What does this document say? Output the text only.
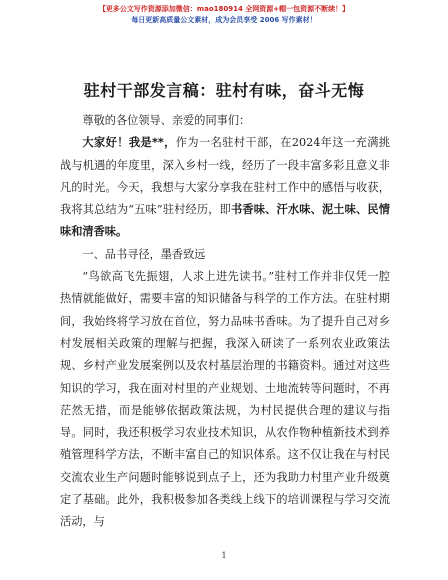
【更多公文写作资源添加微信：mao180914 全网资源+帽一包资源不断续！】
每日更新高质量公文素材，成为会员享受 2006 写作素材！
驻村干部发言稿：驻村有味，奋斗无悔

尊敬的各位领导、亲爱的同事们：

大家好！我是**，作为一名驻村干部，在2024年这一充满挑战与机遇的年度里，深入乡村一线，经历了一段丰富多彩且意义非凡的时光。今天，我想与大家分享我在驻村工作中的感悟与收获，我将其总结为“五味”驻村经历，即书香味、汗水味、泥土味、民情味和清香味。

一、品书寻径，墨香致远

“鸟欲高飞先振翅，人求上进先读书。”驻村工作并非仅凭一腔热情就能做好，需要丰富的知识储备与科学的工作方法。在驻村期间，我始终将学习放在首位，努力品味书香味。为了提升自己对乡村发展相关政策的理解与把握，我深入研读了一系列农业政策法规、乡村产业发展案例以及农村基层治理的书籍资料。通过对这些知识的学习，我在面对村里的产业规划、土地流转等问题时，不再茫然无措，而是能够依据政策法规，为村民提供合理的建议与指导。同时，我还积极学习农业技术知识，从农作物种植新技术到养殖管理科学方法，不断丰富自己的知识体系。这不仅让我在与村民交流农业生产问题时能够说到点子上，还为我助力村里产业升级奠定了基础。此外，我积极参加各类线上线下的培训课程与学习交流活动，与

1
